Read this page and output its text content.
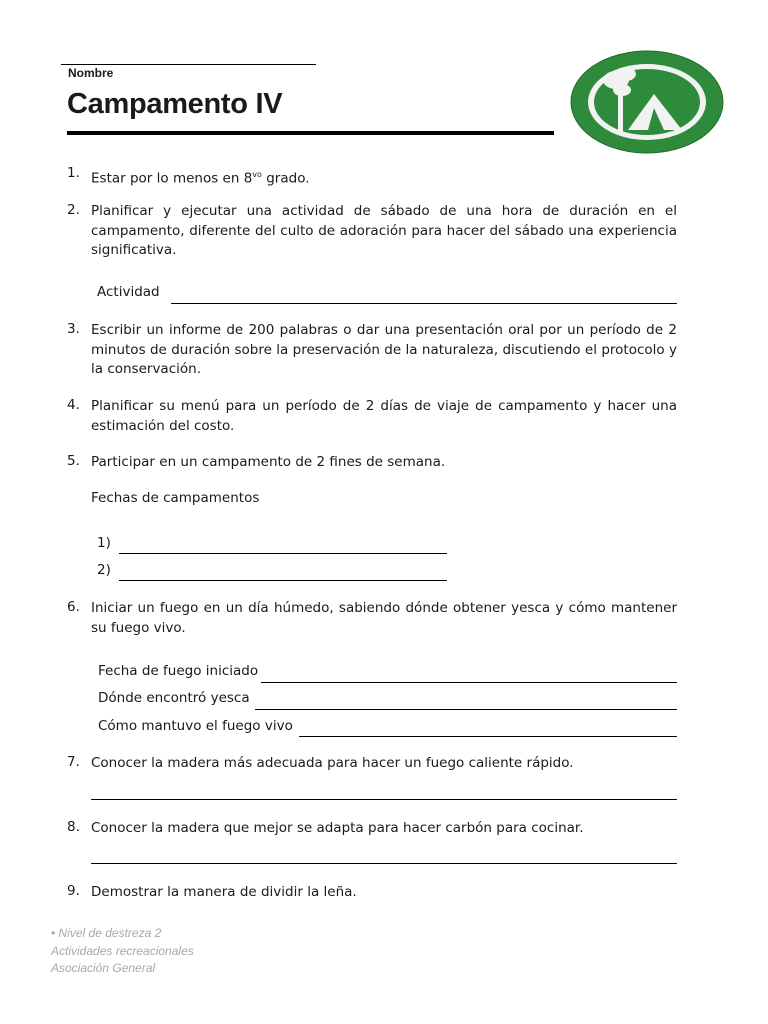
Nombre
Campamento IV
1. Estar por lo menos en $8^{vo}$ grado.
2. Planificar y ejecutar una actividad de sábado de una hora de duración en el campamento, diferente del culto de adoración para hacer del sábado una experiencia significativa.
Actividad
3. Escribir un informe de 200 palabras o dar una presentación oral por un período de 2 minutos de duración sobre la preservación de la naturaleza, discutiendo el protocolo y la conservación.
4. Planificar su menú para un período de 2 días de viaje de campamento y hacer una estimación del costo.
5. Participar en un campamento de 2 fines de semana.
Fechas de campamentos
1)
2)
6. Iniciar un fuego en un día húmedo, sabiendo dónde obtener yesca y cómo mantener su fuego vivo.
Fecha de fuego iniciado
Dónde encontró yesca
Cómo mantuvo el fuego vivo
7. Conocer la madera más adecuada para hacer un fuego caliente rápido.
8. Conocer la madera que mejor se adapta para hacer carbón para cocinar.
9. Demostrar la manera de dividir la leña.
• Nivel de destreza 2
Actividades recreacionales
Asociación General
